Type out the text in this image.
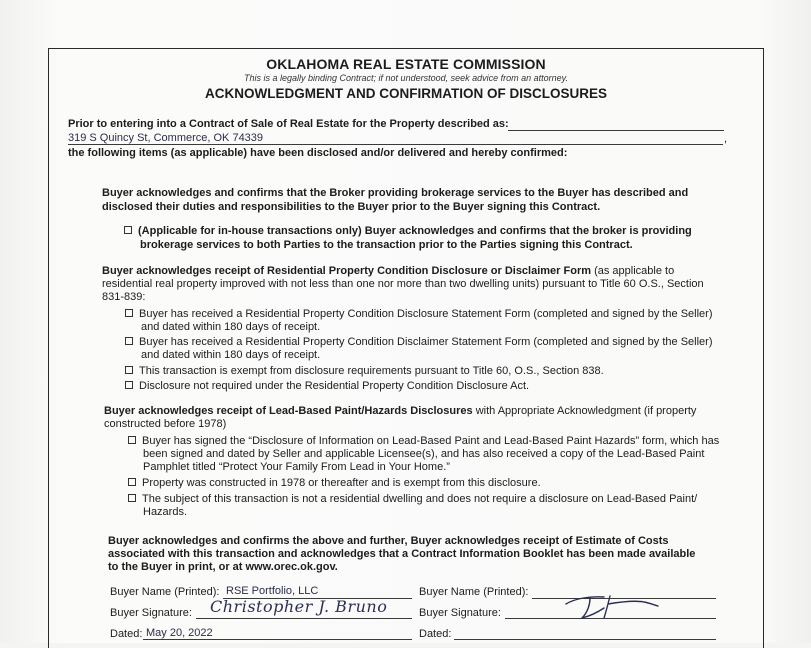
OKLAHOMA REAL ESTATE COMMISSION
This is a legally binding Contract; if not understood, seek advice from an attorney.
ACKNOWLEDGMENT AND CONFIRMATION OF DISCLOSURES
Prior to entering into a Contract of Sale of Real Estate for the Property described as:
319 S Quincy St, Commerce, OK 74339	,
the following items (as applicable) have been disclosed and/or delivered and hereby confirmed:
Buyer acknowledges and confirms that the Broker providing brokerage services to the Buyer has described and
disclosed their duties and responsibilities to the Buyer prior to the Buyer signing this Contract.
(Applicable for in-house transactions only) Buyer acknowledges and confirms that the broker is providing
brokerage services to both Parties to the transaction prior to the Parties signing this Contract.
Buyer acknowledges receipt of Residential Property Condition Disclosure or Disclaimer Form (as applicable to
residential real property improved with not less than one nor more than two dwelling units) pursuant to Title 60 O.S., Section
831-839:
Buyer has received a Residential Property Condition Disclosure Statement Form (completed and signed by the Seller)
and dated within 180 days of receipt.
Buyer has received a Residential Property Condition Disclaimer Statement Form (completed and signed by the Seller)
and dated within 180 days of receipt.
This transaction is exempt from disclosure requirements pursuant to Title 60, O.S., Section 838.
Disclosure not required under the Residential Property Condition Disclosure Act.
Buyer acknowledges receipt of Lead-Based Paint/Hazards Disclosures with Appropriate Acknowledgment (if property
constructed before 1978)
Buyer has signed the “Disclosure of Information on Lead-Based Paint and Lead-Based Paint Hazards” form, which has
been signed and dated by Seller and applicable Licensee(s), and has also received a copy of the Lead-Based Paint
Pamphlet titled “Protect Your Family From Lead in Your Home.”
Property was constructed in 1978 or thereafter and is exempt from this disclosure.
The subject of this transaction is not a residential dwelling and does not require a disclosure on Lead-Based Paint/
Hazards.
Buyer acknowledges and confirms the above and further, Buyer acknowledges receipt of Estimate of Costs
associated with this transaction and acknowledges that a Contract Information Booklet has been made available
to the Buyer in print, or at www.orec.ok.gov.
Buyer Name (Printed): RSE Portfolio, LLC
Buyer Signature: Christopher J. Bruno
Dated: May 20, 2022
Buyer Name (Printed):
Buyer Signature:
Dated:
